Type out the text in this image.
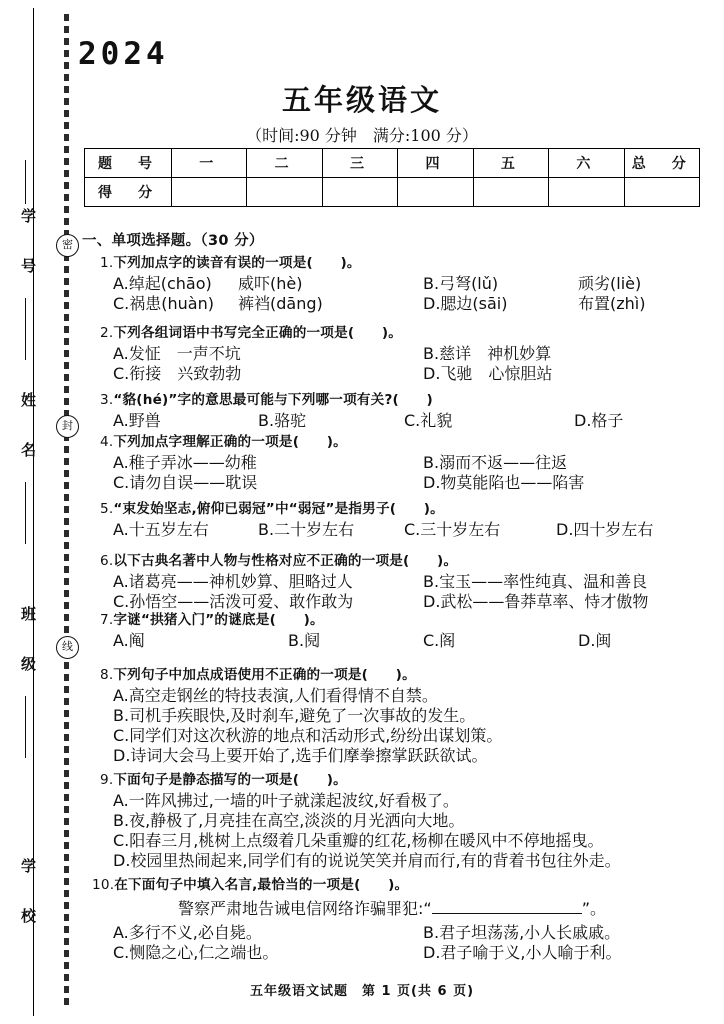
密
封
线
学　号
姓　名
班　级
学　校
2024
五年级语文
（时间:90 分钟　满分:100 分）
题　号	一	二	三	四	五	六	总　分
得　分							
一、单项选择题。（30 分）
1.下列加点字的读音有误的一项是(　　)。
A.绰起(chāo) 威吓(hè)	B.弓弩(lǔ)	顽劣(liè)
C.祸患(huàn) 裤裆(dāng)	D.腮边(sāi)	布置(zhì)
2.下列各组词语中书写完全正确的一项是(　　)。
A.发怔　一声不坑	B.慈详　神机妙算
C.衔接　兴致勃勃	D.飞驰　心惊胆站
3.“貉(hé)”字的意思最可能与下列哪一项有关?(　　)
A.野兽	B.骆驼	C.礼貌	D.格子
4.下列加点字理解正确的一项是(　　)。
A.稚子弄冰——幼稚	B.溺而不返——往返
C.请勿自误——耽误	D.物莫能陷也——陷害
5.“束发始坚志,俯仰已弱冠”中“弱冠”是指男子(　　)。
A.十五岁左右	B.二十岁左右	C.三十岁左右	D.四十岁左右
6.以下古典名著中人物与性格对应不正确的一项是(　　)。
A.诸葛亮——神机妙算、胆略过人	B.宝玉——率性纯真、温和善良
C.孙悟空——活泼可爱、敢作敢为	D.武松——鲁莽草率、恃才傲物
7.字谜“拱猪入门”的谜底是(　　)。
A.阄	B.阋	C.阁	D.闽
8.下列句子中加点成语使用不正确的一项是(　　)。
A.高空走钢丝的特技表演,人们看得情不自禁。
B.司机手疾眼快,及时刹车,避免了一次事故的发生。
C.同学们对这次秋游的地点和活动形式,纷纷出谋划策。
D.诗词大会马上要开始了,选手们摩拳擦掌跃跃欲试。
9.下面句子是静态描写的一项是(　　)。
A.一阵风拂过,一墙的叶子就漾起波纹,好看极了。
B.夜,静极了,月亮挂在高空,淡淡的月光洒向大地。
C.阳春三月,桃树上点缀着几朵重瓣的红花,杨柳在暖风中不停地摇曳。
D.校园里热闹起来,同学们有的说说笑笑并肩而行,有的背着书包往外走。
10.在下面句子中填入名言,最恰当的一项是(　　)。
警察严肃地告诫电信网络诈骗罪犯:“	”。
A.多行不义,必自毙。	B.君子坦荡荡,小人长戚戚。
C.恻隐之心,仁之端也。	D.君子喻于义,小人喻于利。
五年级语文试题　第 1 页(共 6 页)
